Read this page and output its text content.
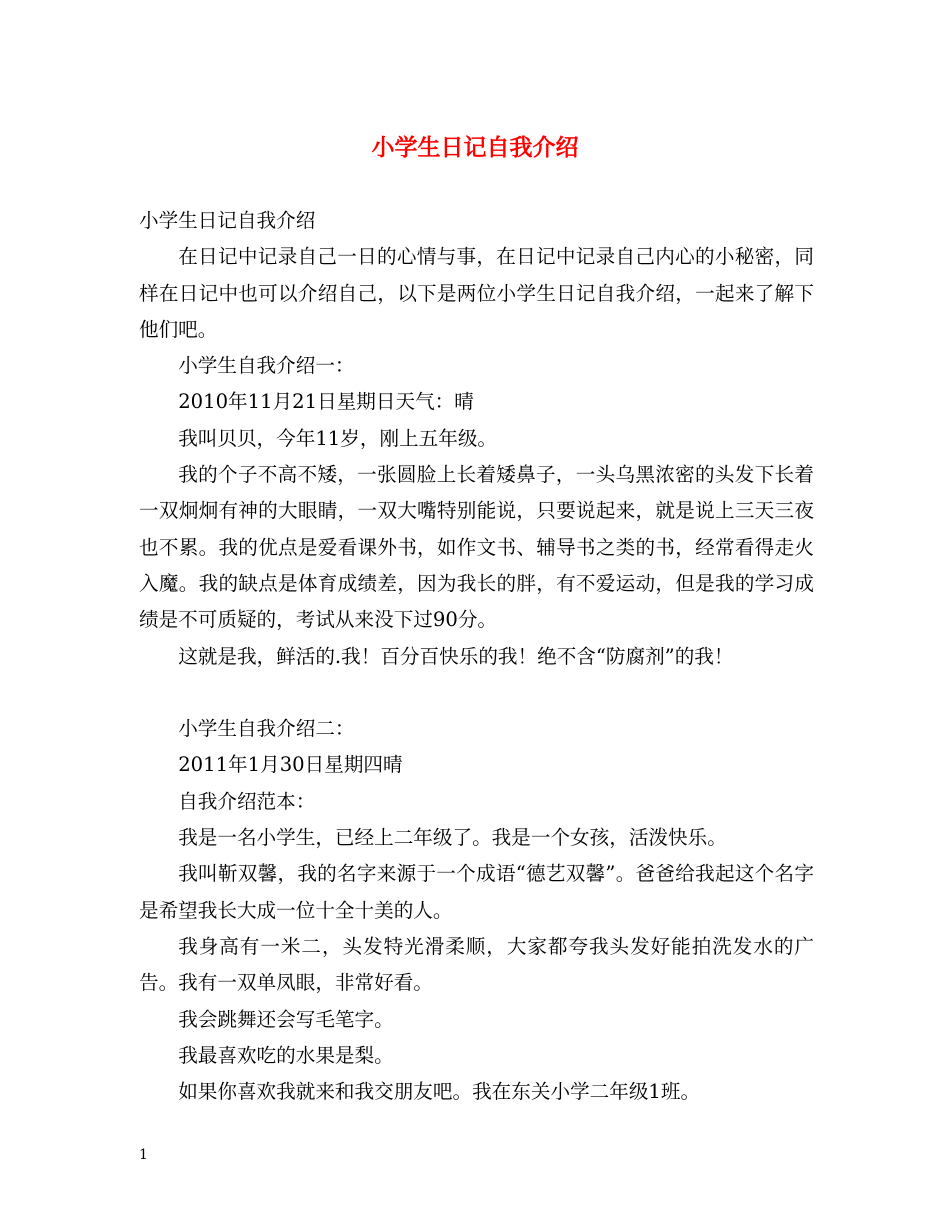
小学生日记自我介绍

小学生日记自我介绍

在日记中记录自己一日的心情与事，在日记中记录自己内心的小秘密，同样在日记中也可以介绍自己，以下是两位小学生日记自我介绍，一起来了解下他们吧。

小学生自我介绍一：

2010年11月21日星期日天气：晴

我叫贝贝，今年11岁，刚上五年级。

我的个子不高不矮，一张圆脸上长着矮鼻子，一头乌黑浓密的头发下长着一双炯炯有神的大眼睛，一双大嘴特别能说，只要说起来，就是说上三天三夜也不累。我的优点是爱看课外书，如作文书、辅导书之类的书，经常看得走火入魔。我的缺点是体育成绩差，因为我长的胖，有不爱运动，但是我的学习成绩是不可质疑的，考试从来没下过90分。

这就是我，鲜活的.我！百分百快乐的我！绝不含“防腐剂”的我！

小学生自我介绍二：

2011年1月30日星期四晴

自我介绍范本：

我是一名小学生，已经上二年级了。我是一个女孩，活泼快乐。

我叫靳双馨，我的名字来源于一个成语“德艺双馨”。爸爸给我起这个名字是希望我长大成一位十全十美的人。

我身高有一米二，头发特光滑柔顺，大家都夸我头发好能拍洗发水的广告。我有一双单凤眼，非常好看。

我会跳舞还会写毛笔字。

我最喜欢吃的水果是梨。

如果你喜欢我就来和我交朋友吧。我在东关小学二年级1班。

1
